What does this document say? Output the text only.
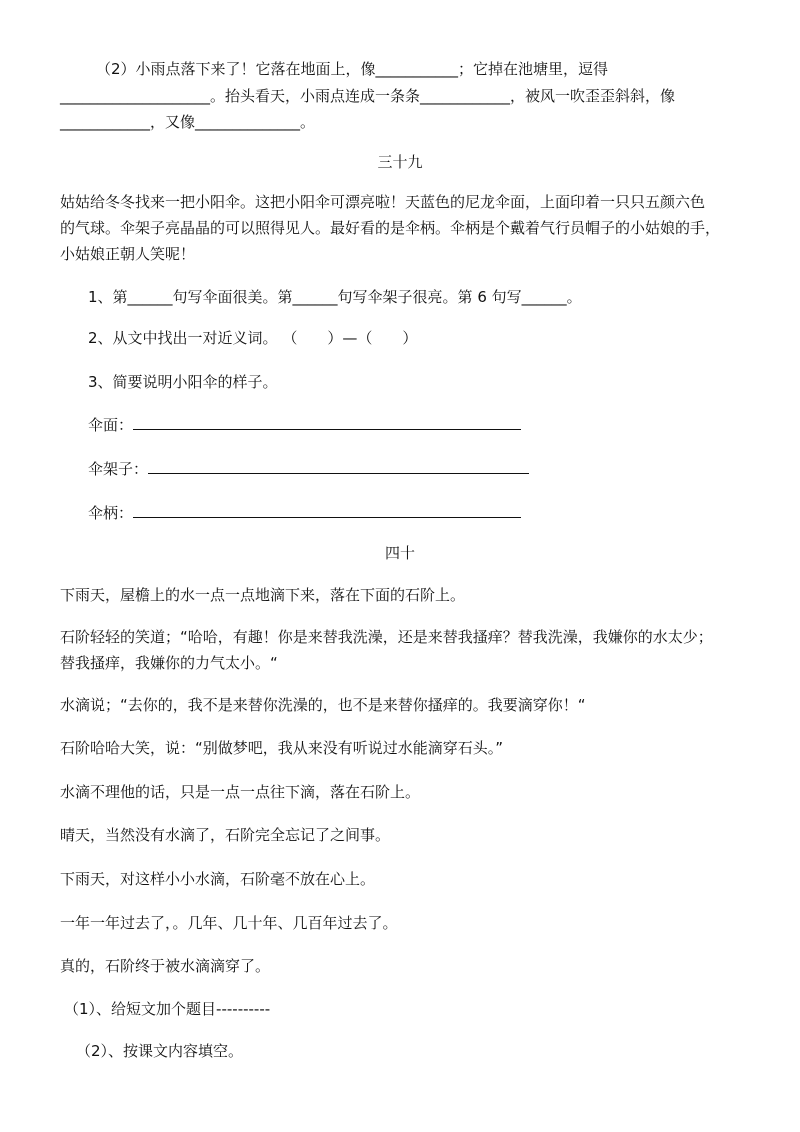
（2）小雨点落下来了！它落在地面上，像___________；它掉在池塘里，逗得
____________________。抬头看天，小雨点连成一条条____________，被风一吹歪歪斜斜，像
____________，又像______________。
三十九
姑姑给冬冬找来一把小阳伞。这把小阳伞可漂亮啦！天蓝色的尼龙伞面，上面印着一只只五颜六色
的气球。伞架子亮晶晶的可以照得见人。最好看的是伞柄。伞柄是个戴着气行员帽子的小姑娘的手，
小姑娘正朝人笑呢！
1、第______句写伞面很美。第______句写伞架子很亮。第 6 句写______。
2、从文中找出一对近义词。 （　　）—（　　）
3、简要说明小阳伞的样子。
伞面：
伞架子：
伞柄：
四十
下雨天，屋檐上的水一点一点地滴下来，落在下面的石阶上。
石阶轻轻的笑道；“哈哈，有趣！你是来替我洗澡，还是来替我搔痒？替我洗澡，我嫌你的水太少；
替我搔痒，我嫌你的力气太小。“
水滴说；“去你的，我不是来替你洗澡的，也不是来替你搔痒的。我要滴穿你！“
石阶哈哈大笑，说：“别做梦吧，我从来没有听说过水能滴穿石头。”
水滴不理他的话，只是一点一点往下滴，落在石阶上。
晴天，当然没有水滴了，石阶完全忘记了之间事。
下雨天，对这样小小水滴，石阶毫不放在心上。
一年一年过去了，。几年、几十年、几百年过去了。
真的，石阶终于被水滴滴穿了。
（1）、给短文加个题目----------
（2）、按课文内容填空。
